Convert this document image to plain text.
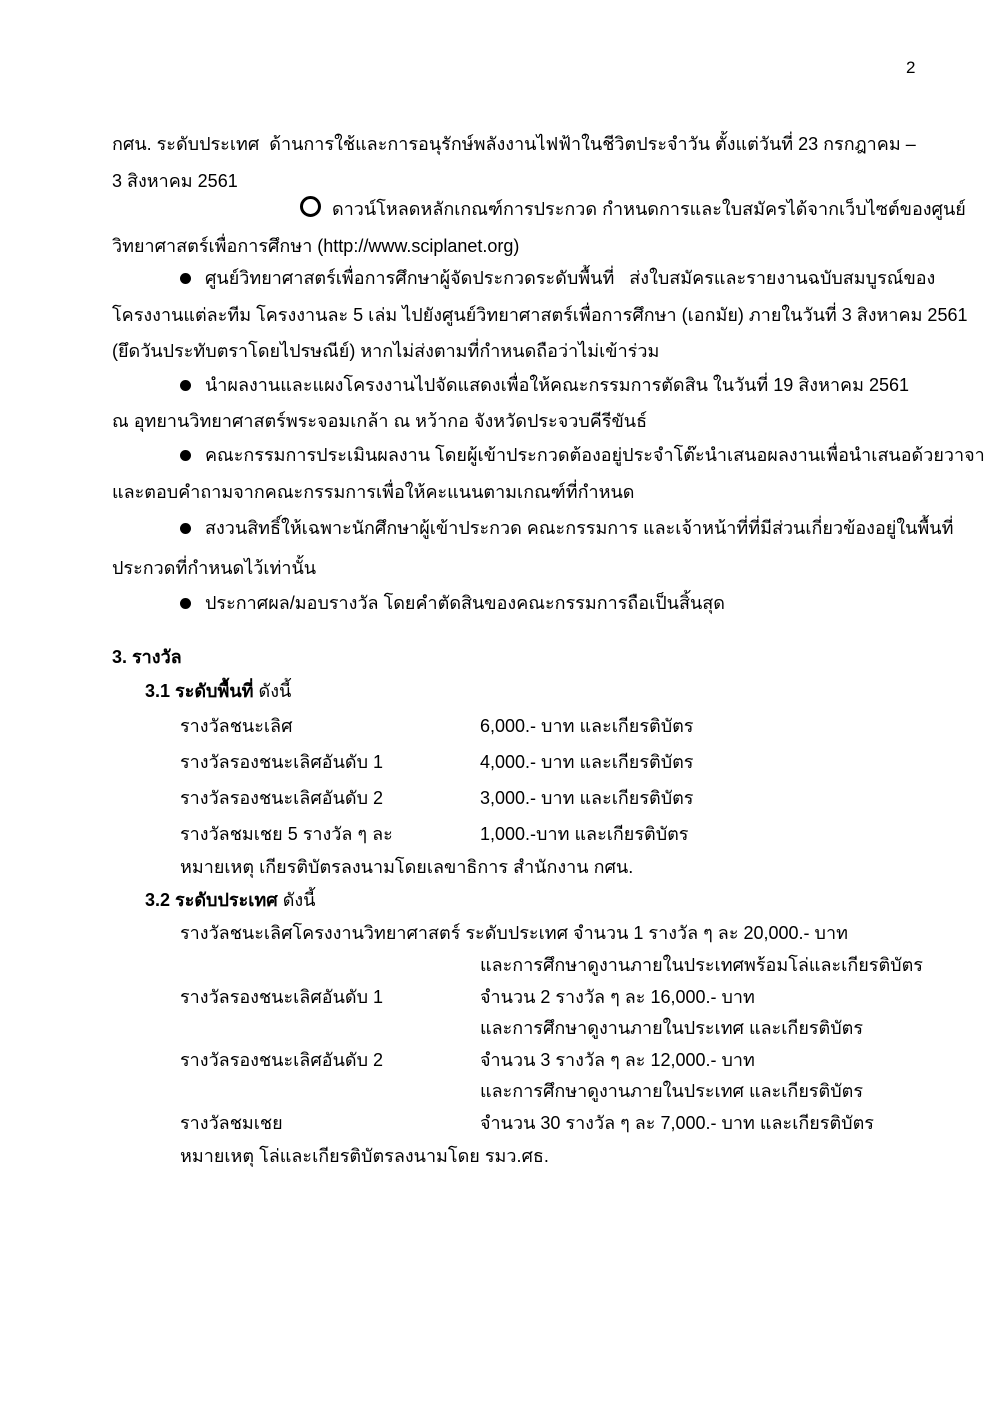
2
กศน. ระดับประเทศ  ด้านการใช้และการอนุรักษ์พลังงานไฟฟ้าในชีวิตประจำวัน ตั้งแต่วันที่ 23 กรกฎาคม –
3 สิงหาคม 2561
ดาวน์โหลดหลักเกณฑ์การประกวด กำหนดการและใบสมัครได้จากเว็บไซต์ของศูนย์
วิทยาศาสตร์เพื่อการศึกษา (http://www.sciplanet.org)
ศูนย์วิทยาศาสตร์เพื่อการศึกษาผู้จัดประกวดระดับพื้นที่   ส่งใบสมัครและรายงานฉบับสมบูรณ์ของ
โครงงานแต่ละทีม โครงงานละ 5 เล่ม ไปยังศูนย์วิทยาศาสตร์เพื่อการศึกษา (เอกมัย) ภายในวันที่ 3 สิงหาคม 2561
(ยึดวันประทับตราโดยไปรษณีย์) หากไม่ส่งตามที่กำหนดถือว่าไม่เข้าร่วม
นำผลงานและแผงโครงงานไปจัดแสดงเพื่อให้คณะกรรมการตัดสิน ในวันที่ 19 สิงหาคม 2561
ณ อุทยานวิทยาศาสตร์พระจอมเกล้า ณ หว้ากอ จังหวัดประจวบคีรีขันธ์
คณะกรรมการประเมินผลงาน โดยผู้เข้าประกวดต้องอยู่ประจำโต๊ะนำเสนอผลงานเพื่อนำเสนอด้วยวาจา
และตอบคำถามจากคณะกรรมการเพื่อให้คะแนนตามเกณฑ์ที่กำหนด
สงวนสิทธิ์ให้เฉพาะนักศึกษาผู้เข้าประกวด คณะกรรมการ และเจ้าหน้าที่ที่มีส่วนเกี่ยวข้องอยู่ในพื้นที่
ประกวดที่กำหนดไว้เท่านั้น
ประกาศผล/มอบรางวัล โดยคำตัดสินของคณะกรรมการถือเป็นสิ้นสุด
3. รางวัล
3.1 ระดับพื้นที่ ดังนี้
รางวัลชนะเลิศ	6,000.- บาท และเกียรติบัตร
รางวัลรองชนะเลิศอันดับ 1	4,000.- บาท และเกียรติบัตร
รางวัลรองชนะเลิศอันดับ 2	3,000.- บาท และเกียรติบัตร
รางวัลชมเชย 5 รางวัล ๆ ละ	1,000.-บาท และเกียรติบัตร
หมายเหตุ เกียรติบัตรลงนามโดยเลขาธิการ สำนักงาน กศน.
3.2 ระดับประเทศ ดังนี้
รางวัลชนะเลิศโครงงานวิทยาศาสตร์ ระดับประเทศ จำนวน 1 รางวัล ๆ ละ 20,000.- บาท
และการศึกษาดูงานภายในประเทศพร้อมโล่และเกียรติบัตร
รางวัลรองชนะเลิศอันดับ 1	จำนวน 2 รางวัล ๆ ละ 16,000.- บาท
และการศึกษาดูงานภายในประเทศ และเกียรติบัตร
รางวัลรองชนะเลิศอันดับ 2	จำนวน 3 รางวัล ๆ ละ 12,000.- บาท
และการศึกษาดูงานภายในประเทศ และเกียรติบัตร
รางวัลชมเชย	จำนวน 30 รางวัล ๆ ละ 7,000.- บาท และเกียรติบัตร
หมายเหตุ โล่และเกียรติบัตรลงนามโดย รมว.ศธ.
